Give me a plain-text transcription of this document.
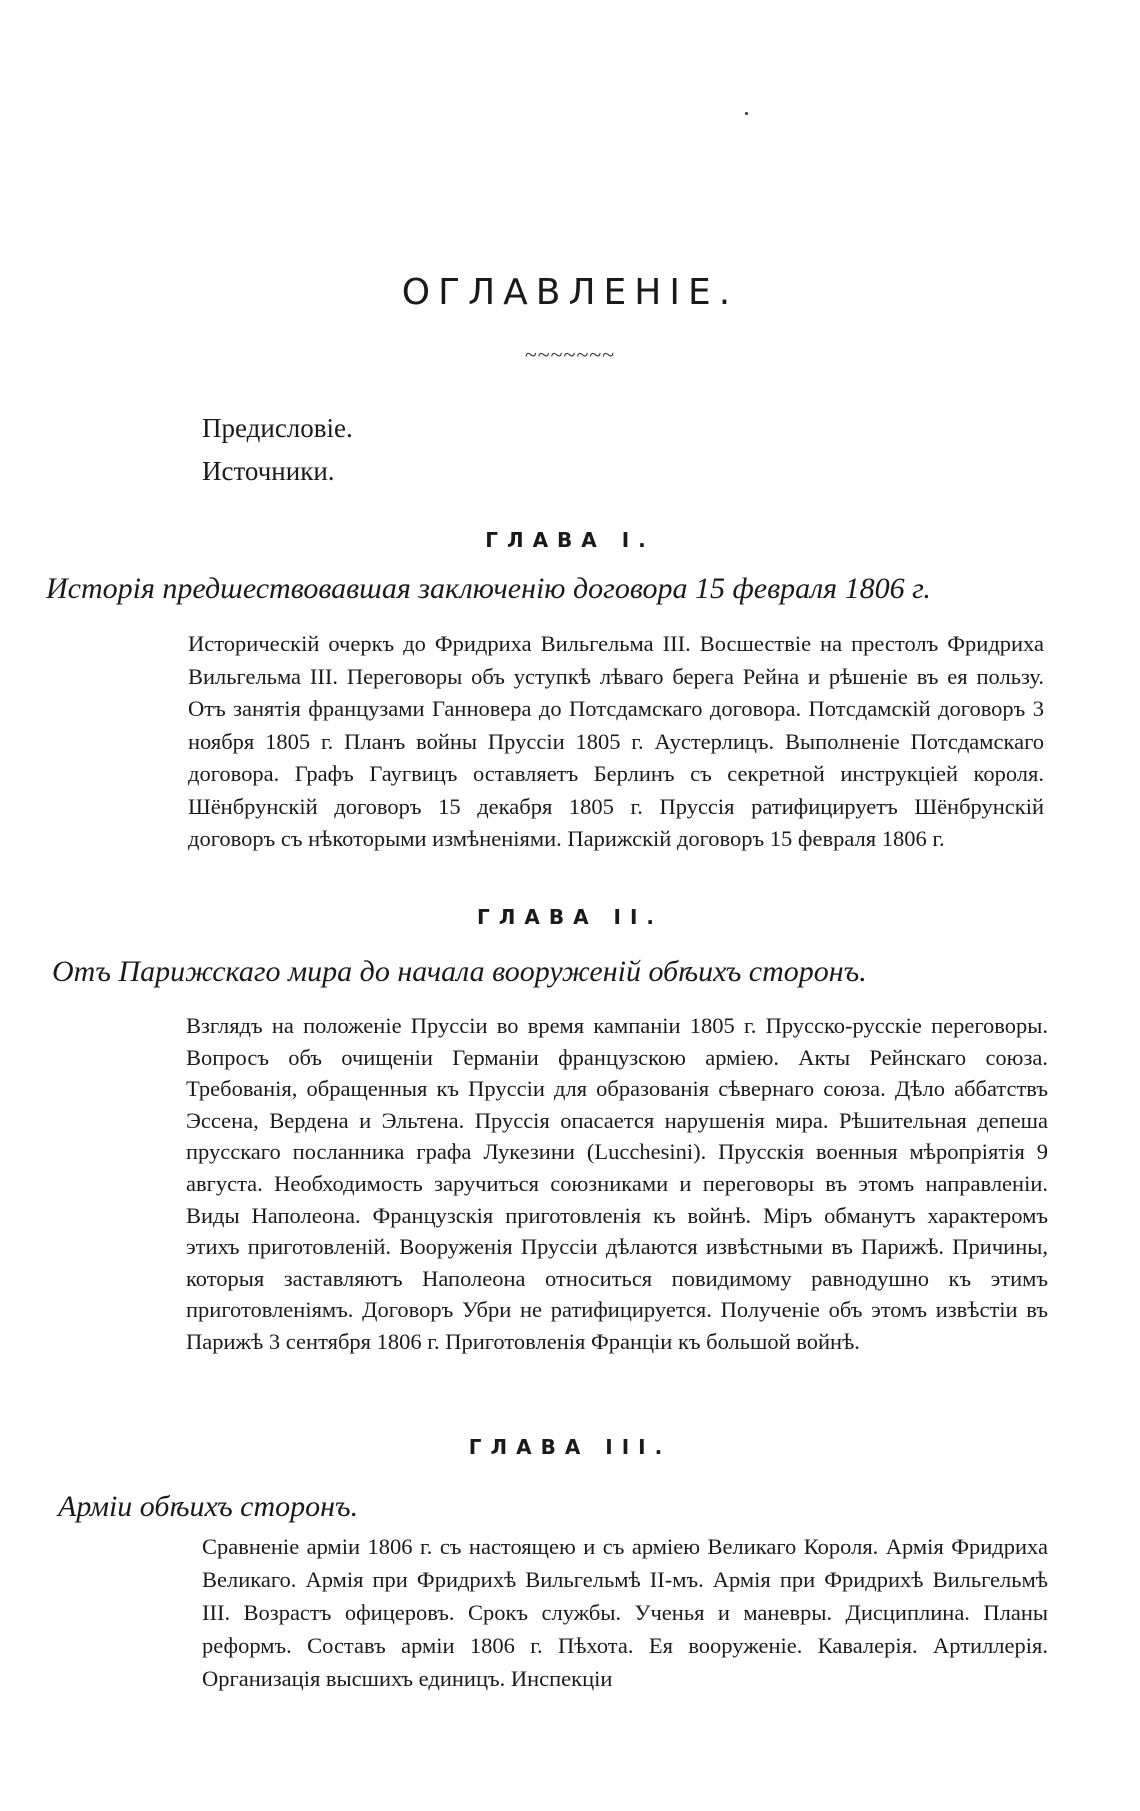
ОГЛАВЛЕНІЕ.
~~~~~~~
Предисловіе.
Источники.
ГЛАВА I.
Исторія предшествовавшая заключенію договора 15 февраля 1806 г.

Историческій очеркъ до Фридриха Вильгельма III. Восшествіе на престолъ Фридриха Вильгельма III. Переговоры объ уступкѣ лѣваго берега Рейна и рѣшеніе въ ея пользу. Отъ занятія французами Ганновера до Потсдамскаго договора. Потсдамскій договоръ 3 ноября 1805 г. Планъ войны Пруссіи 1805 г. Аустерлицъ. Выполненіе Потсдамскаго договора. Графъ Гаугвицъ оставляетъ Берлинъ съ секретной инструкціей короля. Шёнбрунскій договоръ 15 декабря 1805 г. Пруссія ратифицируетъ Шёнбрунскій договоръ съ нѣкоторыми измѣненіями. Парижскій договоръ 15 февраля 1806 г.

ГЛАВА II.
Отъ Парижскаго мира до начала вооруженій обѣихъ сторонъ.

Взглядъ на положеніе Пруссіи во время кампаніи 1805 г. Прусско-русскіе переговоры. Вопросъ объ очищеніи Германіи французскою арміею. Акты Рейнскаго союза. Требованія, обращенныя къ Пруссіи для образованія сѣвернаго союза. Дѣло аббатствъ Эссена, Вердена и Эльтена. Пруссія опасается нарушенія мира. Рѣшительная депеша прусскаго посланника графа Лукезини (Lucchesini). Прусскія военныя мѣропріятія 9 августа. Необходимость заручиться союзниками и переговоры въ этомъ направленіи. Виды Наполеона. Французскія приготовленія къ войнѣ. Міръ обманутъ характеромъ этихъ приготовленій. Вооруженія Пруссіи дѣлаются извѣстными въ Парижѣ. Причины, которыя заставляютъ Наполеона относиться повидимому равнодушно къ этимъ приготовленіямъ. Договоръ Убри не ратифицируется. Полученіе объ этомъ извѣстіи въ Парижѣ 3 сентября 1806 г. Приготовленія Франціи къ большой войнѣ.

ГЛАВА III.
Арміи обѣихъ сторонъ.

Сравненіе арміи 1806 г. съ настоящею и съ арміею Великаго Короля. Армія Фридриха Великаго. Армія при Фридрихѣ Вильгельмѣ II-мъ. Армія при Фридрихѣ Вильгельмѣ III. Возрастъ офицеровъ. Срокъ службы. Ученья и маневры. Дисциплина. Планы реформъ. Составъ арміи 1806 г. Пѣхота. Ея вооруженіе. Кавалерія. Артиллерія. Организація высшихъ единицъ. Инспекціи
